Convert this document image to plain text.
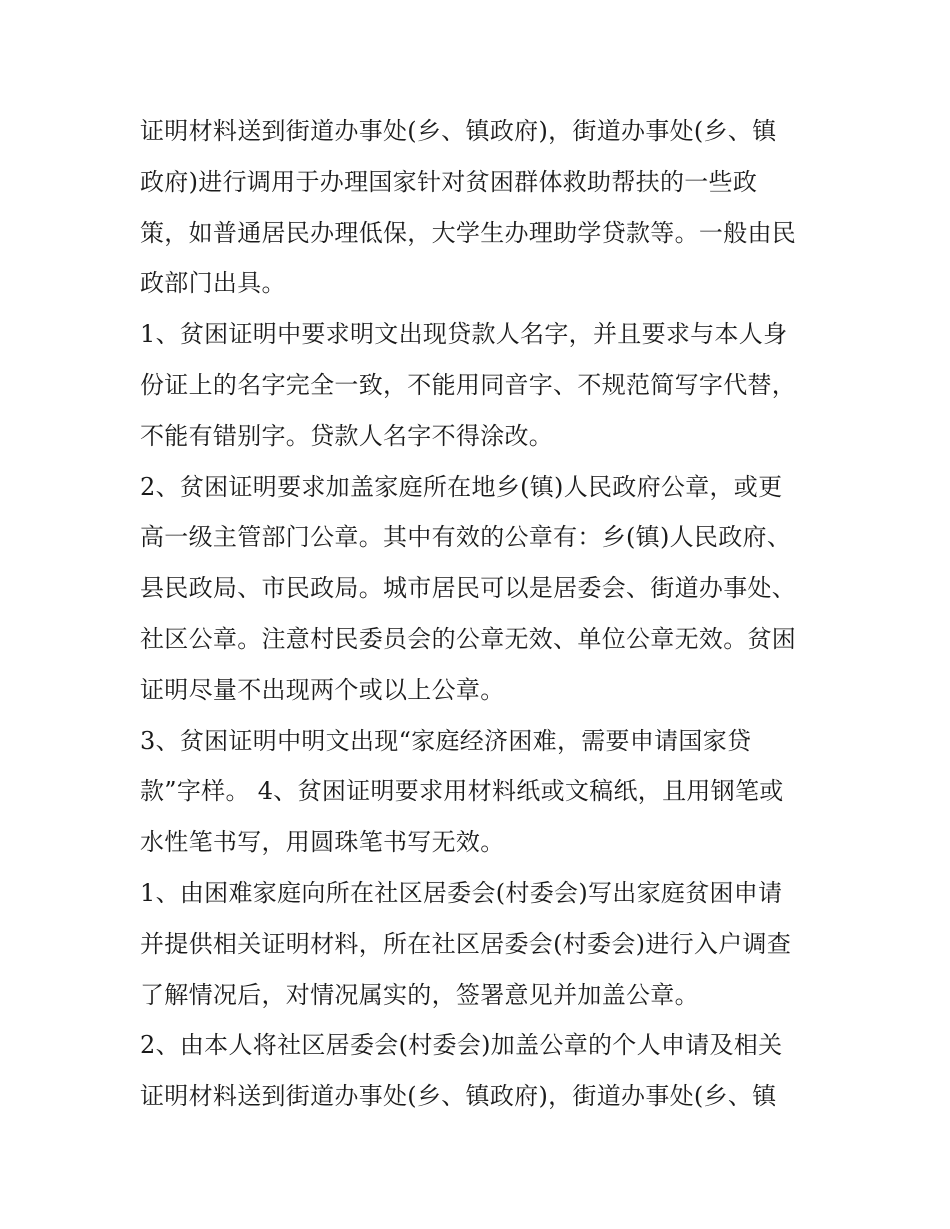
证明材料送到街道办事处(乡、镇政府)，街道办事处(乡、镇
政府)进行调用于办理国家针对贫困群体救助帮扶的一些政
策，如普通居民办理低保，大学生办理助学贷款等。一般由民
政部门出具。
1、贫困证明中要求明文出现贷款人名字，并且要求与本人身
份证上的名字完全一致，不能用同音字、不规范简写字代替，
不能有错别字。贷款人名字不得涂改。
2、贫困证明要求加盖家庭所在地乡(镇)人民政府公章，或更
高一级主管部门公章。其中有效的公章有：乡(镇)人民政府、
县民政局、市民政局。城市居民可以是居委会、街道办事处、
社区公章。注意村民委员会的公章无效、单位公章无效。贫困
证明尽量不出现两个或以上公章。
3、贫困证明中明文出现“家庭经济困难，需要申请国家贷
款”字样。 4、贫困证明要求用材料纸或文稿纸，且用钢笔或
水性笔书写，用圆珠笔书写无效。
1、由困难家庭向所在社区居委会(村委会)写出家庭贫困申请
并提供相关证明材料，所在社区居委会(村委会)进行入户调查
了解情况后，对情况属实的，签署意见并加盖公章。
2、由本人将社区居委会(村委会)加盖公章的个人申请及相关
证明材料送到街道办事处(乡、镇政府)，街道办事处(乡、镇
